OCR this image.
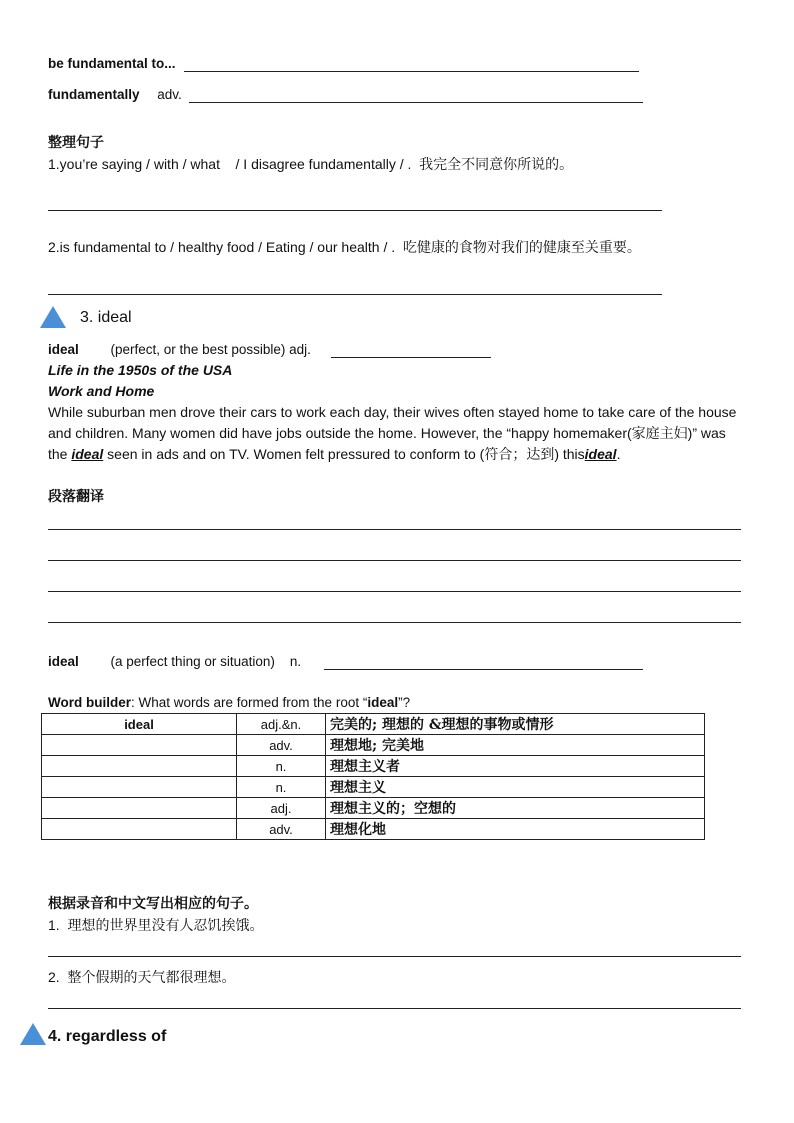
be fundamental to...
fundamentally adv.
整理句子
1.you’re saying / with / what    / I disagree fundamentally / .  我完全不同意你所说的。
2.is fundamental to / healthy food / Eating / our health / .  吃健康的食物对我们的健康至关重要。
3. ideal
ideal (perfect, or the best possible) adj.
Life in the 1950s of the USA
Work and Home
While suburban men drove their cars to work each day, their wives often stayed home to take care of the house and children. Many women did have jobs outside the home. However, the “happy homemaker(家庭主妇)” was the ideal seen in ads and on TV. Women felt pressured to conform to (符合；达到) thisideal.
段落翻译
ideal (a perfect thing or situation)    n.
Word builder: What words are formed from the root “ideal”?
ideal	adj.&n.	完美的; 理想的 &理想的事物或情形
	adv.	理想地; 完美地
	n.	理想主义者
	n.	理想主义
	adj.	理想主义的；空想的
	adv.	理想化地
根据录音和中文写出相应的句子。
1.  理想的世界里没有人忍饥挨饿。
2.  整个假期的天气都很理想。
4. regardless of
